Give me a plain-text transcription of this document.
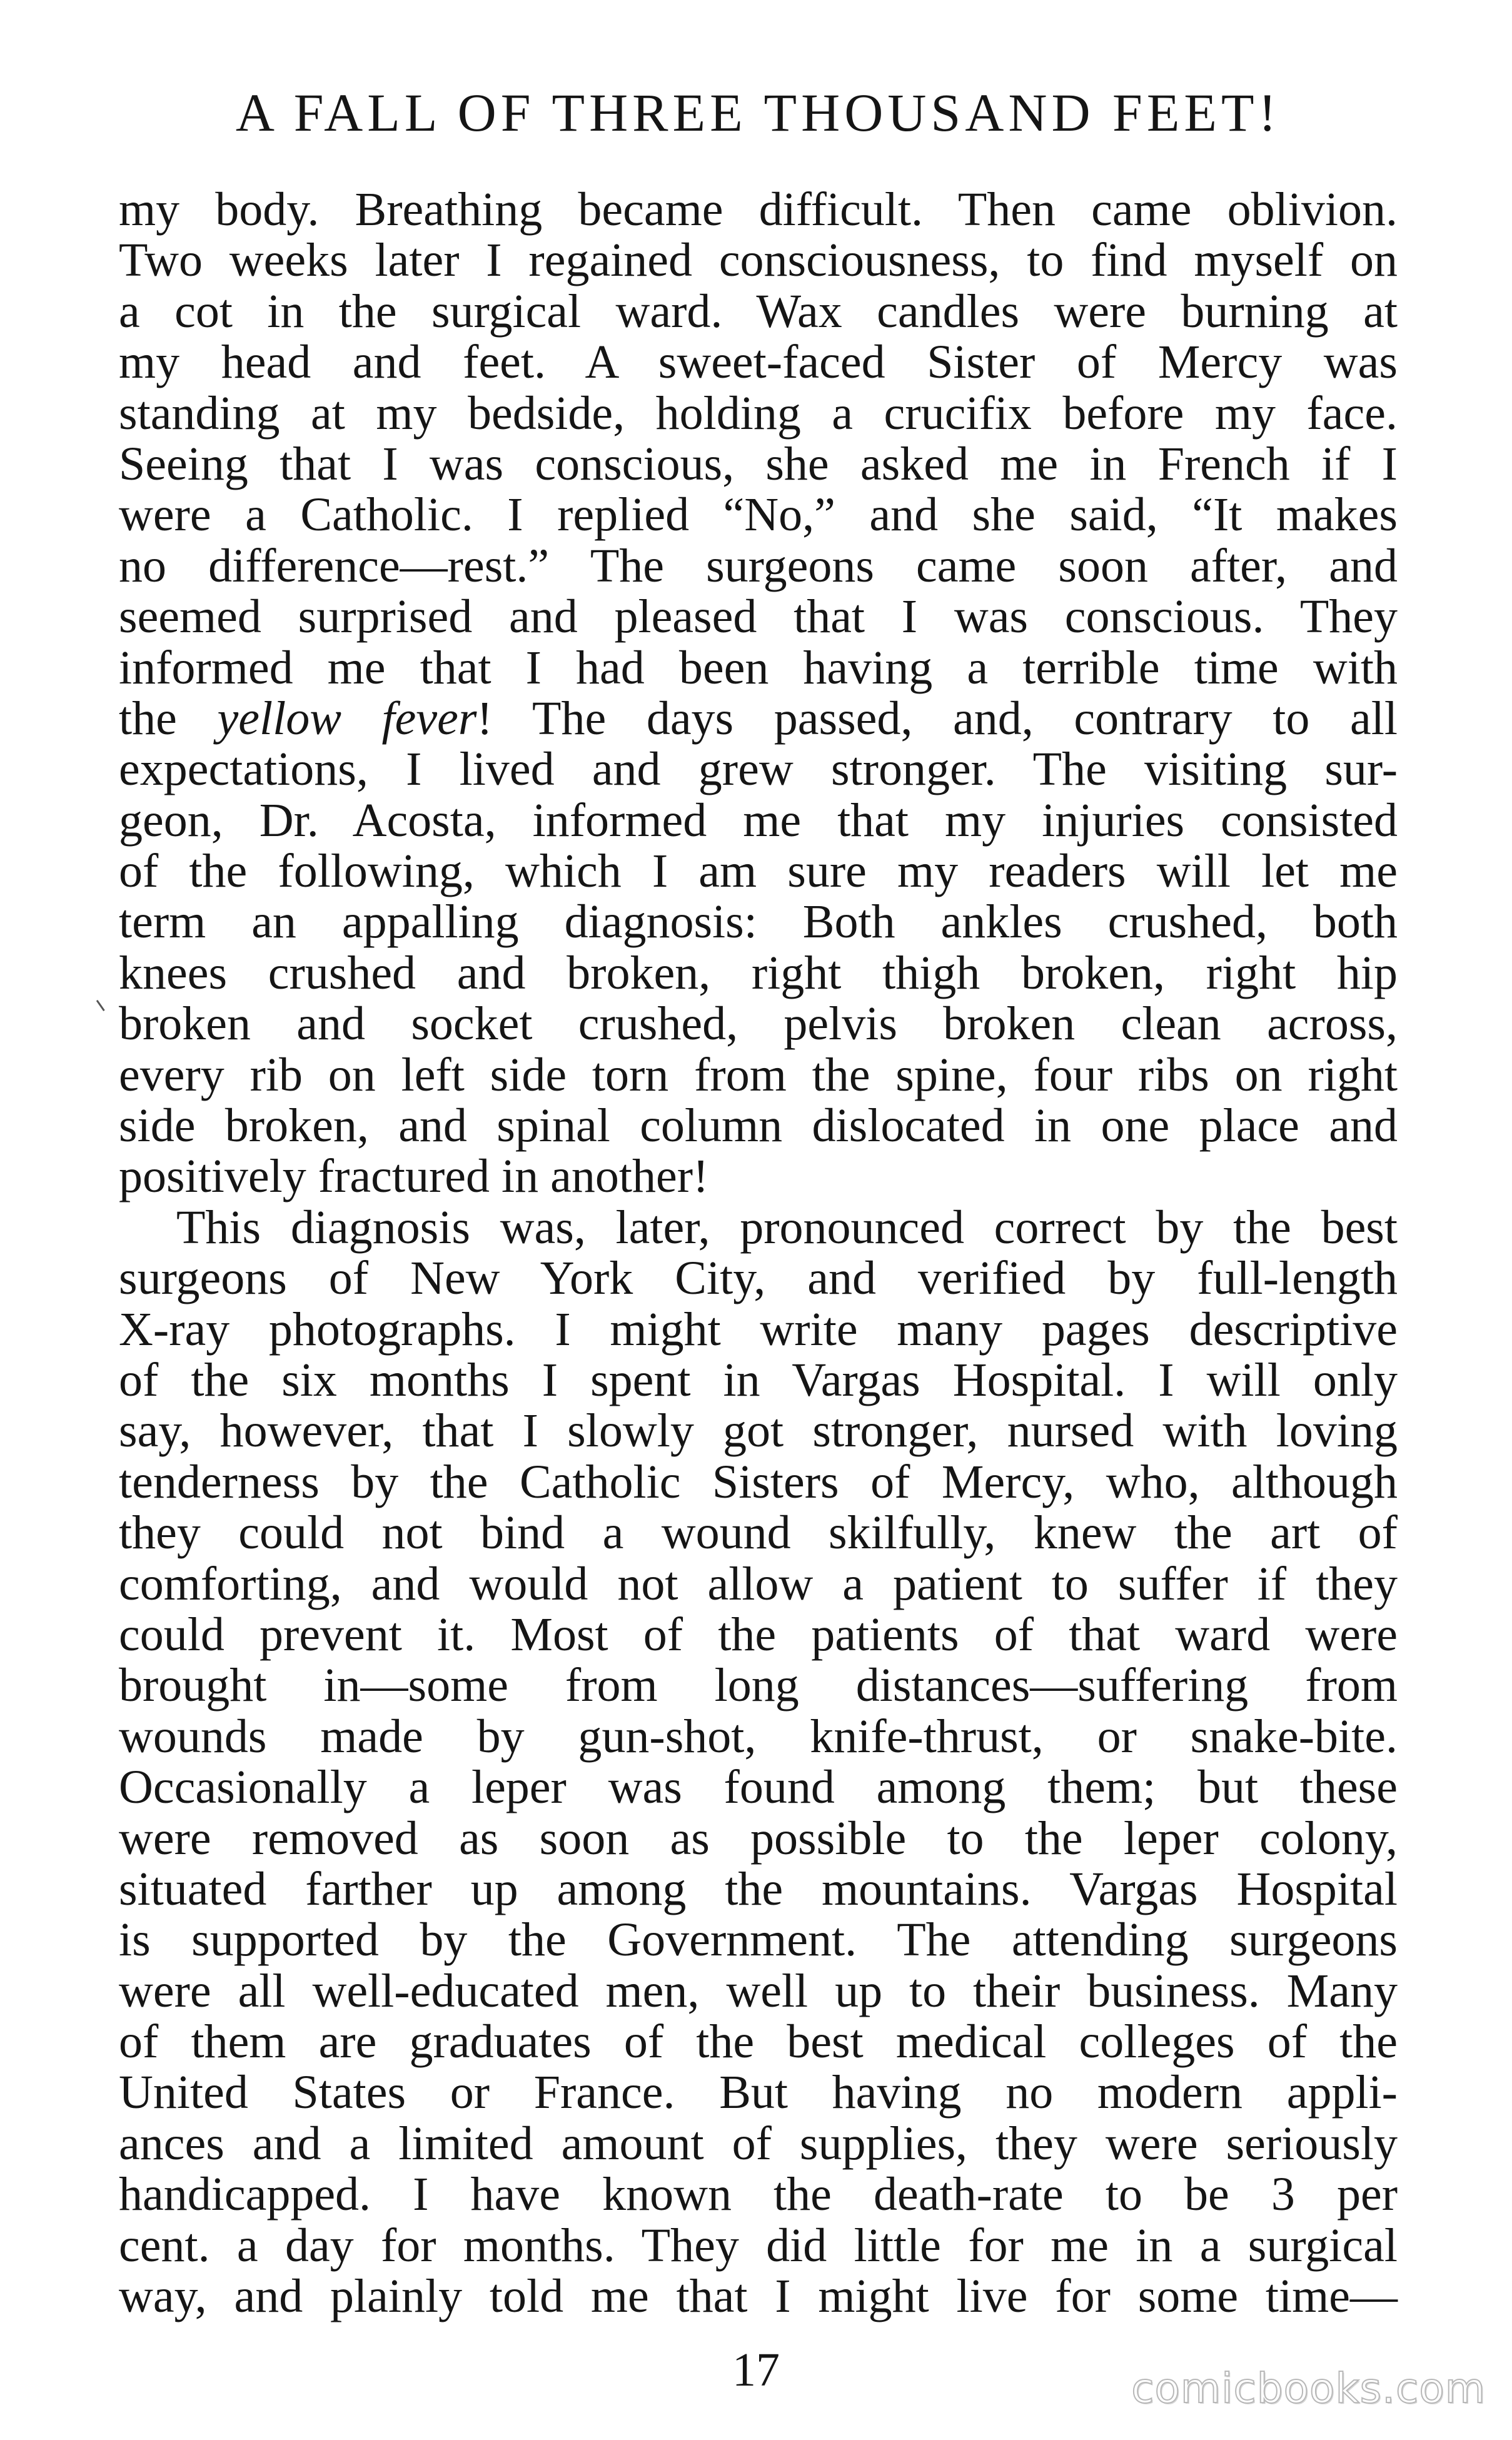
A FALL OF THREE THOUSAND FEET!
my body. Breathing became difficult. Then came oblivion.
Two weeks later I regained consciousness, to find myself on
a cot in the surgical ward. Wax candles were burning at
my head and feet. A sweet-faced Sister of Mercy was
standing at my bedside, holding a crucifix before my face.
Seeing that I was conscious, she asked me in French if I
were a Catholic. I replied “No,” and she said, “It makes
no difference—rest.” The surgeons came soon after, and
seemed surprised and pleased that I was conscious. They
informed me that I had been having a terrible time with
the yellow fever! The days passed, and, contrary to all
expectations, I lived and grew stronger. The visiting sur-
geon, Dr. Acosta, informed me that my injuries consisted
of the following, which I am sure my readers will let me
term an appalling diagnosis: Both ankles crushed, both
knees crushed and broken, right thigh broken, right hip
broken and socket crushed, pelvis broken clean across,
every rib on left side torn from the spine, four ribs on right
side broken, and spinal column dislocated in one place and
positively fractured in another!
This diagnosis was, later, pronounced correct by the best
surgeons of New York City, and verified by full-length
X-ray photographs. I might write many pages descriptive
of the six months I spent in Vargas Hospital. I will only
say, however, that I slowly got stronger, nursed with loving
tenderness by the Catholic Sisters of Mercy, who, although
they could not bind a wound skilfully, knew the art of
comforting, and would not allow a patient to suffer if they
could prevent it. Most of the patients of that ward were
brought in—some from long distances—suffering from
wounds made by gun-shot, knife-thrust, or snake-bite.
Occasionally a leper was found among them; but these
were removed as soon as possible to the leper colony,
situated farther up among the mountains. Vargas Hospital
is supported by the Government. The attending surgeons
were all well-educated men, well up to their business. Many
of them are graduates of the best medical colleges of the
United States or France. But having no modern appli-
ances and a limited amount of supplies, they were seriously
handicapped. I have known the death-rate to be 3 per
cent. a day for months. They did little for me in a surgical
way, and plainly told me that I might live for some time—
17	comicbooks.com
